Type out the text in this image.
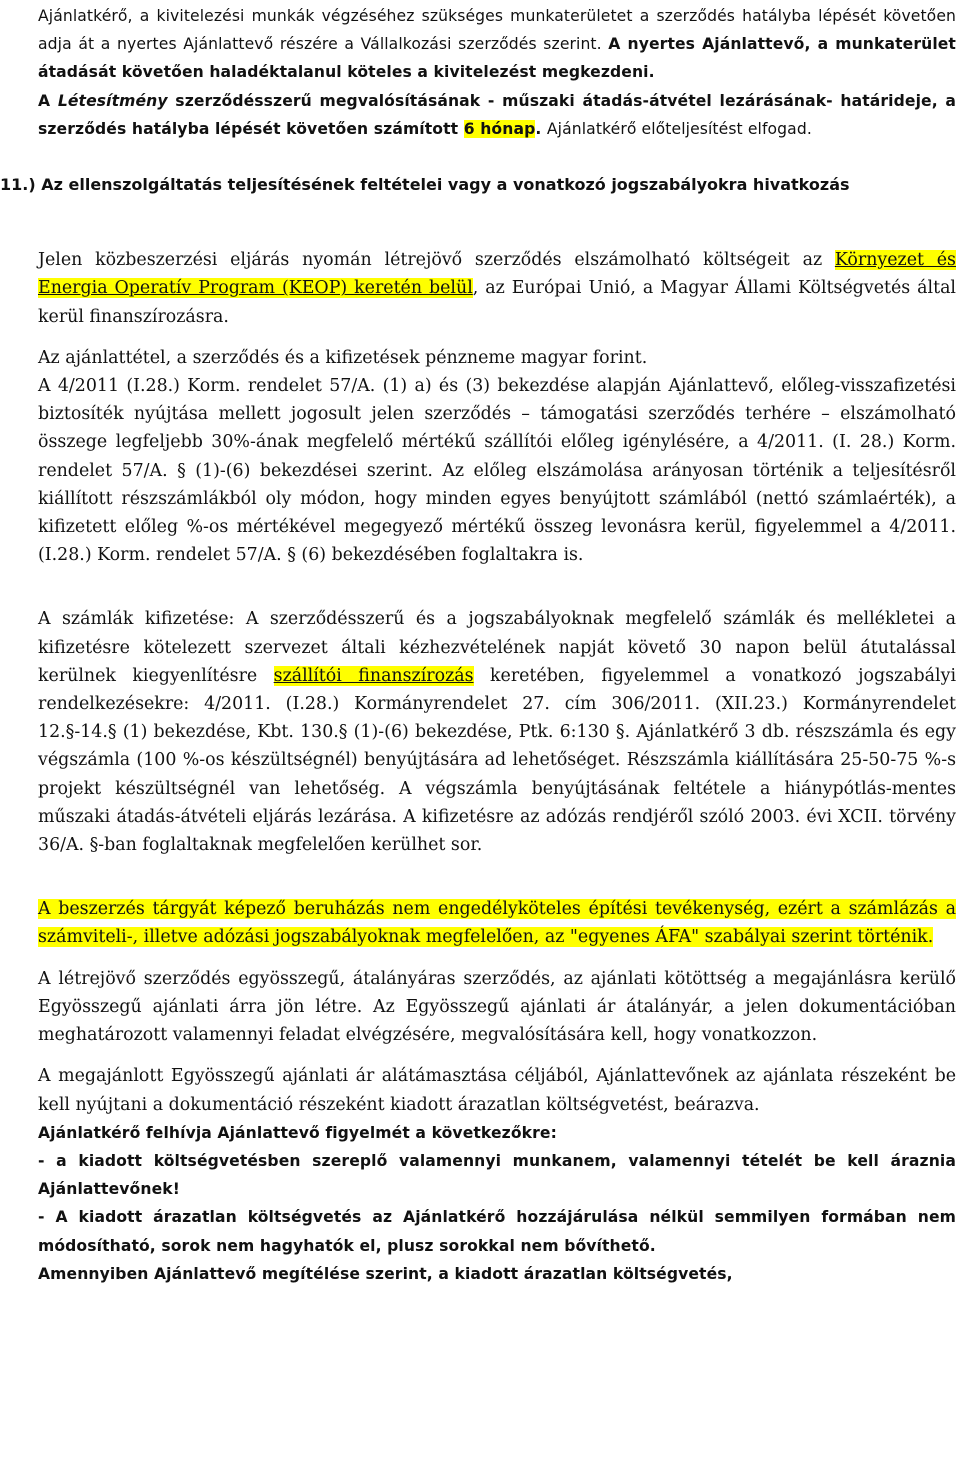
Ajánlatkérő, a kivitelezési munkák végzéséhez szükséges munkaterületet a szerződés hatályba lépését követően adja át a nyertes Ajánlattevő részére a Vállalkozási szerződés szerint. A nyertes Ajánlattevő, a munkaterület átadását követően haladéktalanul köteles a kivitelezést megkezdeni.

A Létesítmény szerződésszerű megvalósításának - műszaki átadás-átvétel lezárásának- határideje, a szerződés hatályba lépését követően számított 6 hónap. Ajánlatkérő előteljesítést elfogad.

11.) Az ellenszolgáltatás teljesítésének feltételei vagy a vonatkozó jogszabályokra hivatkozás

Jelen közbeszerzési eljárás nyomán létrejövő szerződés elszámolható költségeit az Környezet és Energia Operatív Program (KEOP) keretén belül, az Európai Unió, a Magyar Állami Költségvetés által kerül finanszírozásra.

Az ajánlattétel, a szerződés és a kifizetések pénzneme magyar forint.

A 4/2011 (I.28.) Korm. rendelet 57/A. (1) a) és (3) bekezdése alapján Ajánlattevő, előleg-visszafizetési biztosíték nyújtása mellett jogosult jelen szerződés – támogatási szerződés terhére – elszámolható összege legfeljebb 30%-ának megfelelő mértékű szállítói előleg igénylésére, a 4/2011. (I. 28.) Korm. rendelet 57/A. § (1)-(6) bekezdései szerint. Az előleg elszámolása arányosan történik a teljesítésről kiállított részszámlákból oly módon, hogy minden egyes benyújtott számlából (nettó számlaérték), a kifizetett előleg %-os mértékével megegyező mértékű összeg levonásra kerül, figyelemmel a 4/2011. (I.28.) Korm. rendelet 57/A. § (6) bekezdésében foglaltakra is.

A számlák kifizetése: A szerződésszerű és a jogszabályoknak megfelelő számlák és mellékletei a kifizetésre kötelezett szervezet általi kézhezvételének napját követő 30 napon belül átutalással kerülnek kiegyenlítésre szállítói finanszírozás keretében, figyelemmel a vonatkozó jogszabályi rendelkezésekre: 4/2011. (I.28.) Kormányrendelet 27. cím 306/2011. (XII.23.) Kormányrendelet 12.§-14.§ (1) bekezdése, Kbt. 130.§ (1)-(6) bekezdése, Ptk. 6:130 §. Ajánlatkérő 3 db. részszámla és egy végszámla (100 %-os készültségnél) benyújtására ad lehetőséget. Részszámla kiállítására 25-50-75 %-s projekt készültségnél van lehetőség. A végszámla benyújtásának feltétele a hiánypótlás-mentes műszaki átadás-átvételi eljárás lezárása. A kifizetésre az adózás rendjéről szóló 2003. évi XCII. törvény 36/A. §-ban foglaltaknak megfelelően kerülhet sor.

A beszerzés tárgyát képező beruházás nem engedélyköteles építési tevékenység, ezért a számlázás a számviteli-, illetve adózási jogszabályoknak megfelelően, az "egyenes ÁFA" szabályai szerint történik.

A létrejövő szerződés egyösszegű, átalányáras szerződés, az ajánlati kötöttség a megajánlásra kerülő Egyösszegű ajánlati árra jön létre. Az Egyösszegű ajánlati ár átalányár, a jelen dokumentációban meghatározott valamennyi feladat elvégzésére, megvalósítására kell, hogy vonatkozzon.

A megajánlott Egyösszegű ajánlati ár alátámasztása céljából, Ajánlattevőnek az ajánlata részeként be kell nyújtani a dokumentáció részeként kiadott árazatlan költségvetést, beárazva.

Ajánlatkérő felhívja Ajánlattevő figyelmét a következőkre:

- a kiadott költségvetésben szereplő valamennyi munkanem, valamennyi tételét be kell áraznia Ajánlattevőnek!

- A kiadott árazatlan költségvetés az Ajánlatkérő hozzájárulása nélkül semmilyen formában nem módosítható, sorok nem hagyhatók el, plusz sorokkal nem bővíthető.

Amennyiben Ajánlattevő megítélése szerint, a kiadott árazatlan költségvetés,
